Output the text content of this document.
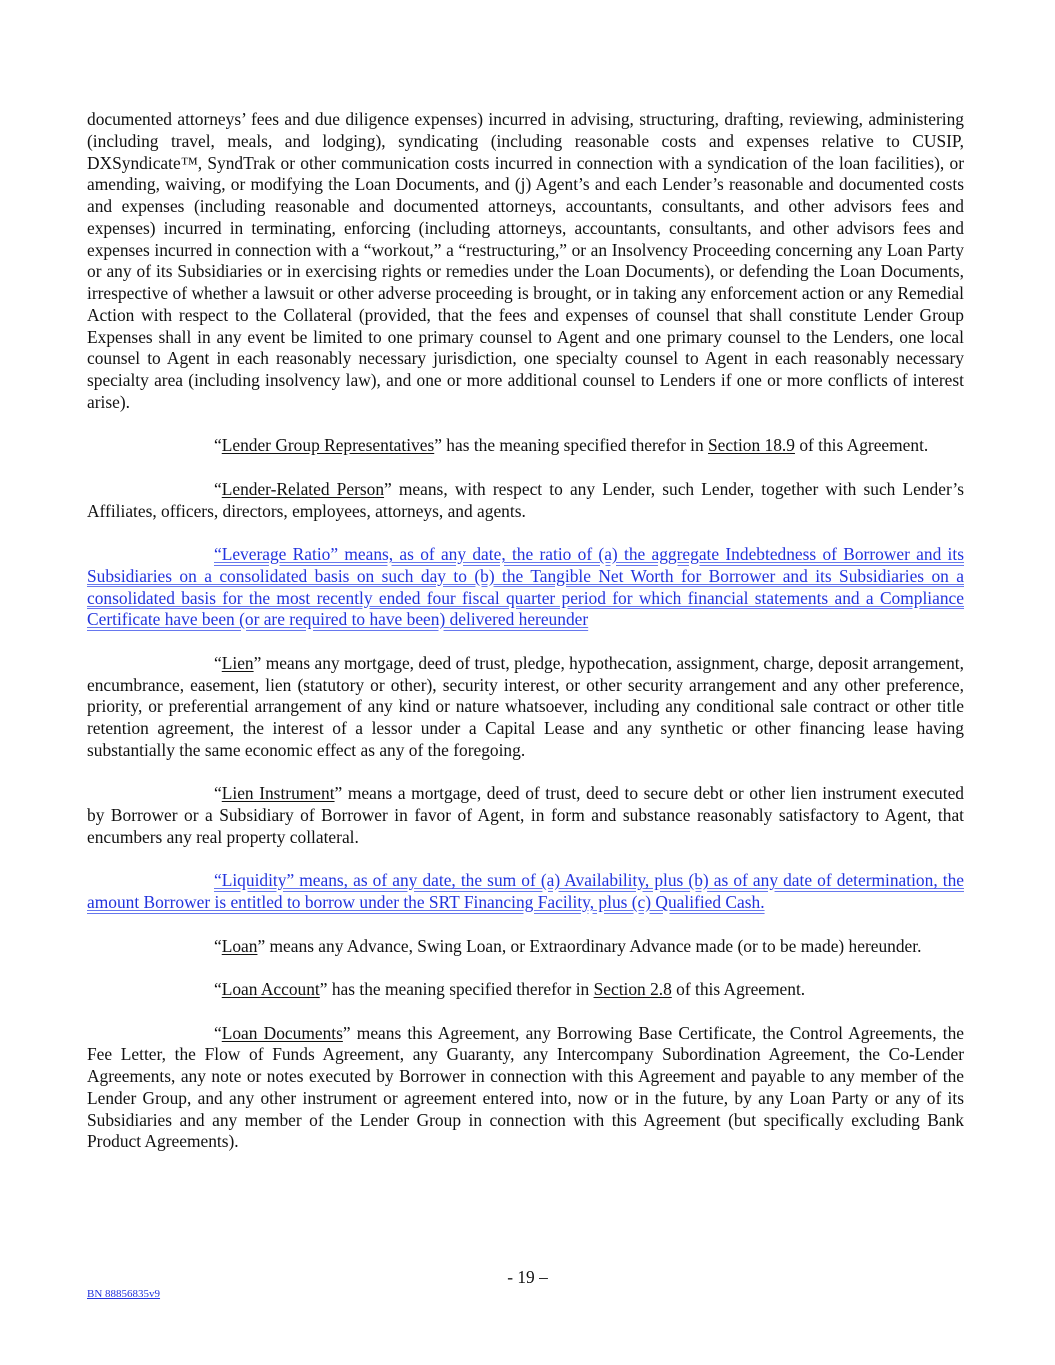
documented attorneys’ fees and due diligence expenses) incurred in advising, structuring, drafting, reviewing, administering (including travel, meals, and lodging), syndicating (including reasonable costs and expenses relative to CUSIP, DXSyndicate™, SyndTrak or other communication costs incurred in connection with a syndication of the loan facilities), or amending, waiving, or modifying the Loan Documents, and (j) Agent’s and each Lender’s reasonable and documented costs and expenses (including reasonable and documented attorneys, accountants, consultants, and other advisors fees and expenses) incurred in terminating, enforcing (including attorneys, accountants, consultants, and other advisors fees and expenses incurred in connection with a “workout,” a “restructuring,” or an Insolvency Proceeding concerning any Loan Party or any of its Subsidiaries or in exercising rights or remedies under the Loan Documents), or defending the Loan Documents, irrespective of whether a lawsuit or other adverse proceeding is brought, or in taking any enforcement action or any Remedial Action with respect to the Collateral (provided, that the fees and expenses of counsel that shall constitute Lender Group Expenses shall in any event be limited to one primary counsel to Agent and one primary counsel to the Lenders, one local counsel to Agent in each reasonably necessary jurisdiction, one specialty counsel to Agent in each reasonably necessary specialty area (including insolvency law), and one or more additional counsel to Lenders if one or more conflicts of interest arise).

“Lender Group Representatives” has the meaning specified therefor in Section 18.9 of this Agreement.

“Lender-Related Person” means, with respect to any Lender, such Lender, together with such Lender’s Affiliates, officers, directors, employees, attorneys, and agents.

“Leverage Ratio” means, as of any date, the ratio of (a) the aggregate Indebtedness of Borrower and its Subsidiaries on a consolidated basis on such day to (b) the Tangible Net Worth for Borrower and its Subsidiaries on a consolidated basis for the most recently ended four fiscal quarter period for which financial statements and a Compliance Certificate have been (or are required to have been) delivered hereunder

“Lien” means any mortgage, deed of trust, pledge, hypothecation, assignment, charge, deposit arrangement, encumbrance, easement, lien (statutory or other), security interest, or other security arrangement and any other preference, priority, or preferential arrangement of any kind or nature whatsoever, including any conditional sale contract or other title retention agreement, the interest of a lessor under a Capital Lease and any synthetic or other financing lease having substantially the same economic effect as any of the foregoing.

“Lien Instrument” means a mortgage, deed of trust, deed to secure debt or other lien instrument executed by Borrower or a Subsidiary of Borrower in favor of Agent, in form and substance reasonably satisfactory to Agent, that encumbers any real property collateral.

“Liquidity” means, as of any date, the sum of (a) Availability, plus (b) as of any date of determination, the amount Borrower is entitled to borrow under the SRT Financing Facility, plus (c) Qualified Cash.

“Loan” means any Advance, Swing Loan, or Extraordinary Advance made (or to be made) hereunder.

“Loan Account” has the meaning specified therefor in Section 2.8 of this Agreement.

“Loan Documents” means this Agreement, any Borrowing Base Certificate, the Control Agreements, the Fee Letter, the Flow of Funds Agreement, any Guaranty, any Intercompany Subordination Agreement, the Co-Lender Agreements, any note or notes executed by Borrower in connection with this Agreement and payable to any member of the Lender Group, and any other instrument or agreement entered into, now or in the future, by any Loan Party or any of its Subsidiaries and any member of the Lender Group in connection with this Agreement (but specifically excluding Bank Product Agreements).

- 19 –
BN 88856835v9
